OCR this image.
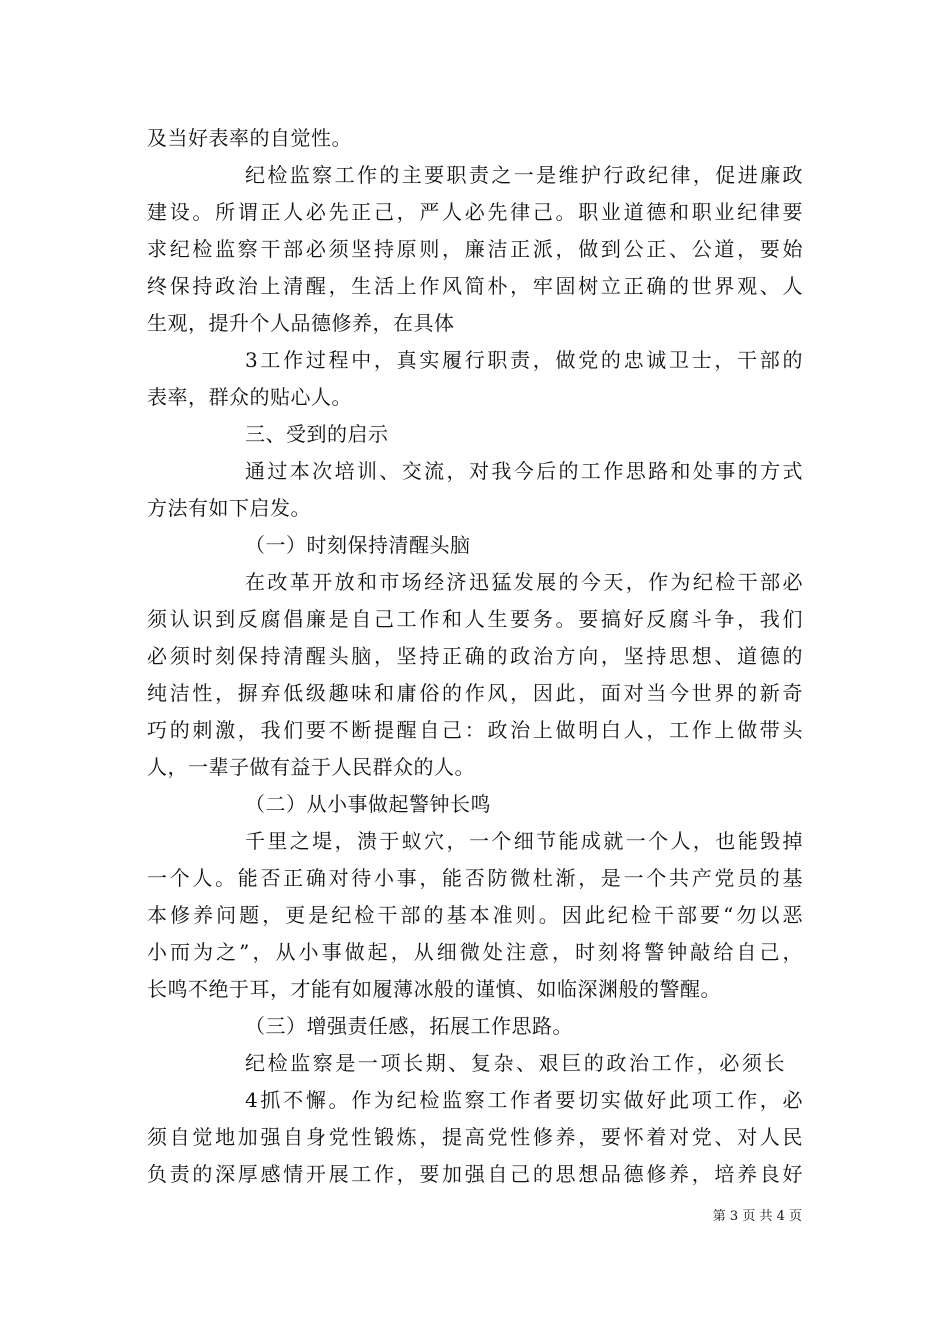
及当好表率的自觉性。
纪检监察工作的主要职责之一是维护行政纪律，促进廉政
建设。所谓正人必先正己，严人必先律己。职业道德和职业纪律要
求纪检监察干部必须坚持原则，廉洁正派，做到公正、公道，要始
终保持政治上清醒，生活上作风简朴，牢固树立正确的世界观、人
生观，提升个人品德修养，在具体
3工作过程中，真实履行职责，做党的忠诚卫士，干部的
表率，群众的贴心人。
三、受到的启示
通过本次培训、交流，对我今后的工作思路和处事的方式
方法有如下启发。
（一）时刻保持清醒头脑
在改革开放和市场经济迅猛发展的今天，作为纪检干部必
须认识到反腐倡廉是自己工作和人生要务。要搞好反腐斗争，我们
必须时刻保持清醒头脑，坚持正确的政治方向，坚持思想、道德的
纯洁性，摒弃低级趣味和庸俗的作风，因此，面对当今世界的新奇
巧的刺激，我们要不断提醒自己：政治上做明白人，工作上做带头
人，一辈子做有益于人民群众的人。
（二）从小事做起警钟长鸣
千里之堤，溃于蚁穴，一个细节能成就一个人，也能毁掉
一个人。能否正确对待小事，能否防微杜渐，是一个共产党员的基
本修养问题，更是纪检干部的基本准则。因此纪检干部要“勿以恶
小而为之”，从小事做起，从细微处注意，时刻将警钟敲给自己，
长鸣不绝于耳，才能有如履薄冰般的谨慎、如临深渊般的警醒。
（三）增强责任感，拓展工作思路。
纪检监察是一项长期、复杂、艰巨的政治工作，必须长
4抓不懈。作为纪检监察工作者要切实做好此项工作，必
须自觉地加强自身党性锻炼，提高党性修养，要怀着对党、对人民
负责的深厚感情开展工作，要加强自己的思想品德修养，培养良好
第 3 页 共 4 页
